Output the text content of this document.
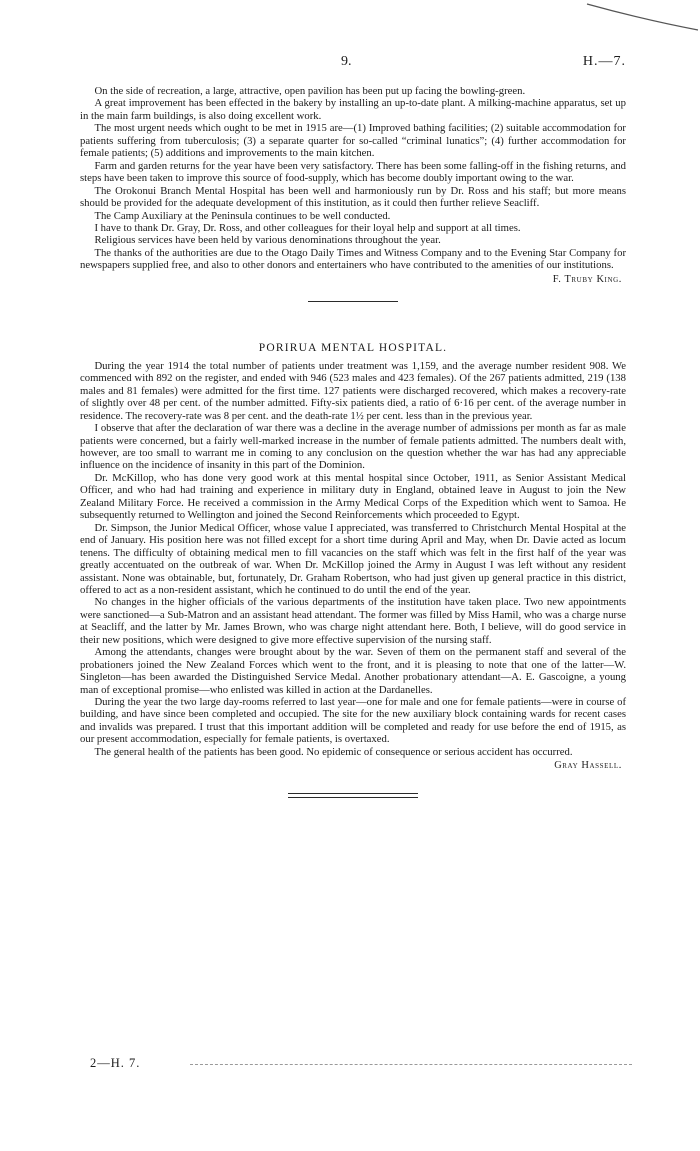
9.	H.—7.

On the side of recreation, a large, attractive, open pavilion has been put up facing the bowling-green.

A great improvement has been effected in the bakery by installing an up-to-date plant. A milking-machine apparatus, set up in the main farm buildings, is also doing excellent work.

The most urgent needs which ought to be met in 1915 are—(1) Improved bathing facilities; (2) suitable accommodation for patients suffering from tuberculosis; (3) a separate quarter for so-called “criminal lunatics”; (4) further accommodation for female patients; (5) additions and improvements to the main kitchen.

Farm and garden returns for the year have been very satisfactory. There has been some falling-off in the fishing returns, and steps have been taken to improve this source of food-supply, which has become doubly important owing to the war.

The Orokonui Branch Mental Hospital has been well and harmoniously run by Dr. Ross and his staff; but more means should be provided for the adequate development of this institution, as it could then further relieve Seacliff.

The Camp Auxiliary at the Peninsula continues to be well conducted.

I have to thank Dr. Gray, Dr. Ross, and other colleagues for their loyal help and support at all times.

Religious services have been held by various denominations throughout the year.

The thanks of the authorities are due to the Otago Daily Times and Witness Company and to the Evening Star Company for newspapers supplied free, and also to other donors and entertainers who have contributed to the amenities of our institutions.

F. Truby King.
PORIRUA MENTAL HOSPITAL.

During the year 1914 the total number of patients under treatment was 1,159, and the average number resident 908. We commenced with 892 on the register, and ended with 946 (523 males and 423 females). Of the 267 patients admitted, 219 (138 males and 81 females) were admitted for the first time. 127 patients were discharged recovered, which makes a recovery-rate of slightly over 48 per cent. of the number admitted. Fifty-six patients died, a ratio of 6·16 per cent. of the average number in residence. The recovery-rate was 8 per cent. and the death-rate 1½ per cent. less than in the previous year.

I observe that after the declaration of war there was a decline in the average number of admissions per month as far as male patients were concerned, but a fairly well-marked increase in the number of female patients admitted. The numbers dealt with, however, are too small to warrant me in coming to any conclusion on the question whether the war has had any appreciable influence on the incidence of insanity in this part of the Dominion.

Dr. McKillop, who has done very good work at this mental hospital since October, 1911, as Senior Assistant Medical Officer, and who had had training and experience in military duty in England, obtained leave in August to join the New Zealand Military Force. He received a commission in the Army Medical Corps of the Expedition which went to Samoa. He subsequently returned to Wellington and joined the Second Reinforcements which proceeded to Egypt.

Dr. Simpson, the Junior Medical Officer, whose value I appreciated, was transferred to Christchurch Mental Hospital at the end of January. His position here was not filled except for a short time during April and May, when Dr. Davie acted as locum tenens. The difficulty of obtaining medical men to fill vacancies on the staff which was felt in the first half of the year was greatly accentuated on the outbreak of war. When Dr. McKillop joined the Army in August I was left without any resident assistant. None was obtainable, but, fortunately, Dr. Graham Robertson, who had just given up general practice in this district, offered to act as a non-resident assistant, which he continued to do until the end of the year.

No changes in the higher officials of the various departments of the institution have taken place. Two new appointments were sanctioned—a Sub-Matron and an assistant head attendant. The former was filled by Miss Hamil, who was a charge nurse at Seacliff, and the latter by Mr. James Brown, who was charge night attendant here. Both, I believe, will do good service in their new positions, which were designed to give more effective supervision of the nursing staff.

Among the attendants, changes were brought about by the war. Seven of them on the permanent staff and several of the probationers joined the New Zealand Forces which went to the front, and it is pleasing to note that one of the latter—W. Singleton—has been awarded the Distinguished Service Medal. Another probationary attendant—A. E. Gascoigne, a young man of exceptional promise—who enlisted was killed in action at the Dardanelles.

During the year the two large day-rooms referred to last year—one for male and one for female patients—were in course of building, and have since been completed and occupied. The site for the new auxiliary block containing wards for recent cases and invalids was prepared. I trust that this important addition will be completed and ready for use before the end of 1915, as our present accommodation, especially for female patients, is overtaxed.

The general health of the patients has been good. No epidemic of consequence or serious accident has occurred.

Gray Hassell.
2—H. 7.
